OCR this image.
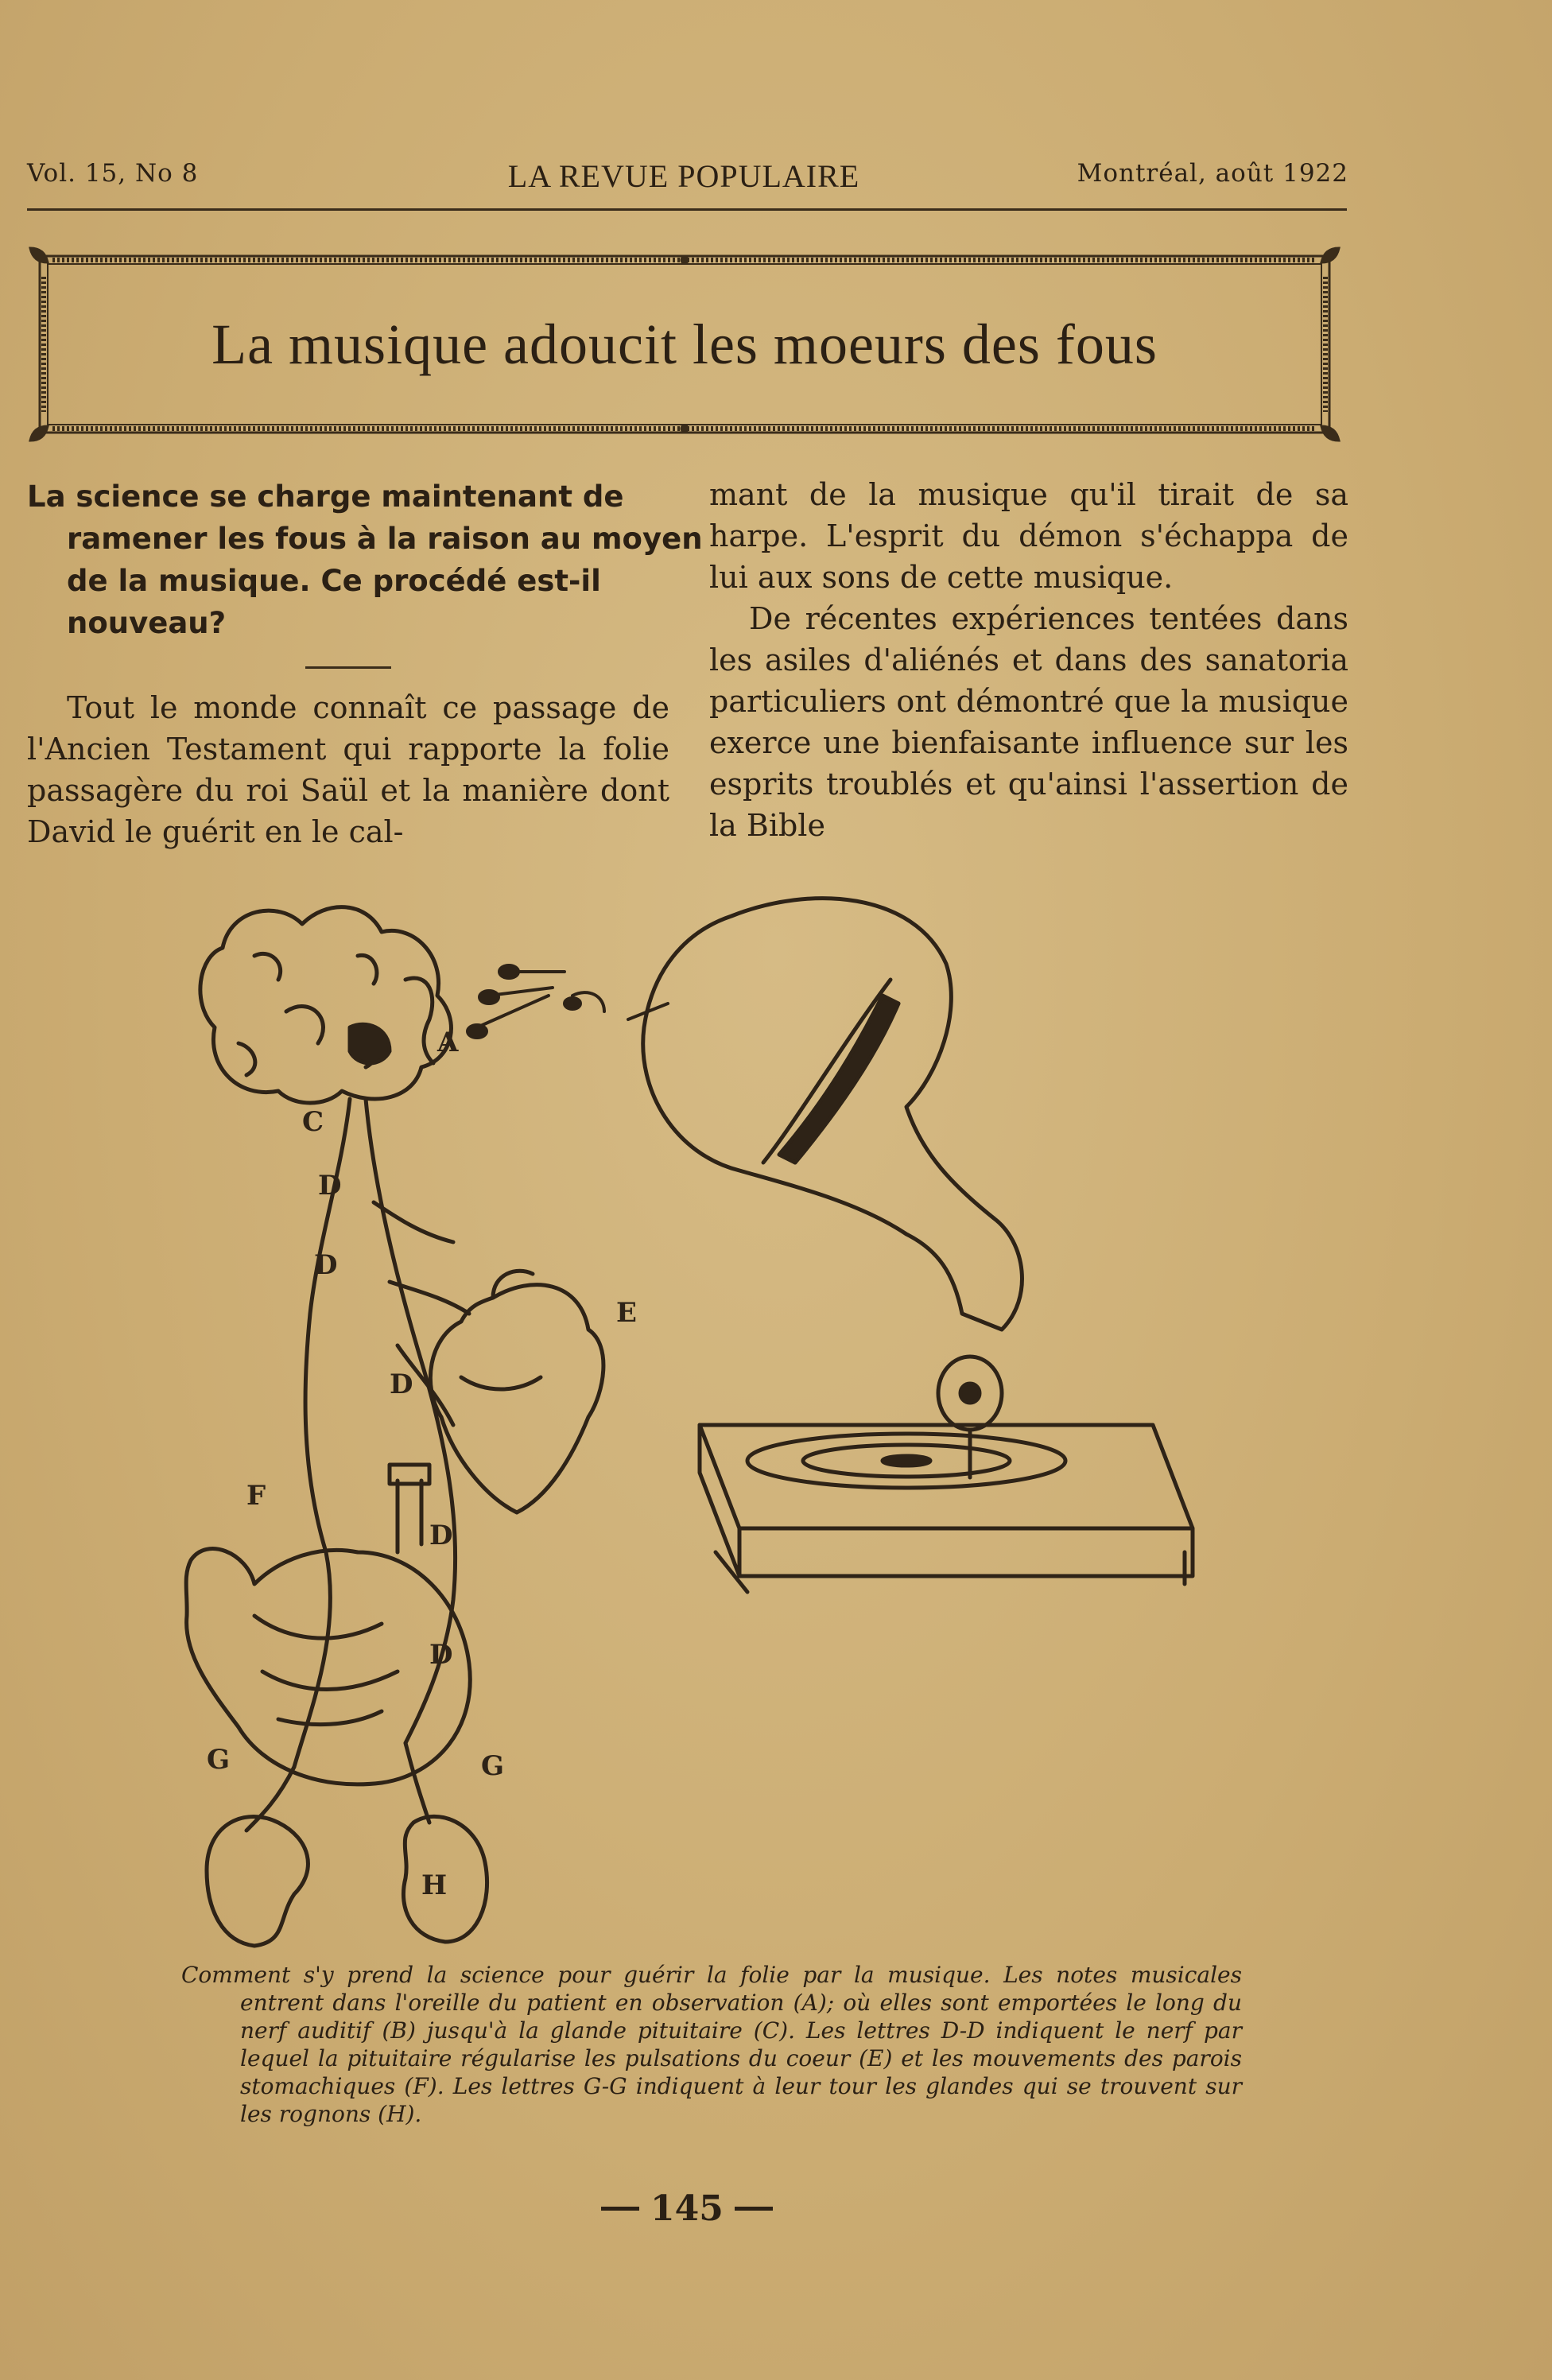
Vol. 15, No 8	LA REVUE POPULAIRE	Montréal, août 1922
La musique adoucit les moeurs des fous
La science se charge maintenant de ramener les fous à la raison au moyen de la musique. Ce procédé est-il nouveau?

Tout le monde connaît ce passage de l'Ancien Testament qui rapporte la folie passagère du roi Saül et la manière dont David le guérit en le cal-

mant de la musique qu'il tirait de sa harpe. L'esprit du démon s'échappa de lui aux sons de cette musique.

De récentes expériences tentées dans les asiles d'aliénés et dans des sanatoria particuliers ont démontré que la musique exerce une bienfaisante influence sur les esprits troublés et qu'ainsi l'assertion de la Bible

A
C
D
D
D
D
D
E
F
G	G
H
Comment s'y prend la science pour guérir la folie par la musique. Les notes musicales entrent dans l'oreille du patient en observation (A); où elles sont emportées le long du nerf auditif (B) jusqu'à la glande pituitaire (C). Les lettres D-D indiquent le nerf par lequel la pituitaire régularise les pulsations du coeur (E) et les mouvements des parois stomachiques (F). Les lettres G-G indiquent à leur tour les glandes qui se trouvent sur les rognons (H).
145
